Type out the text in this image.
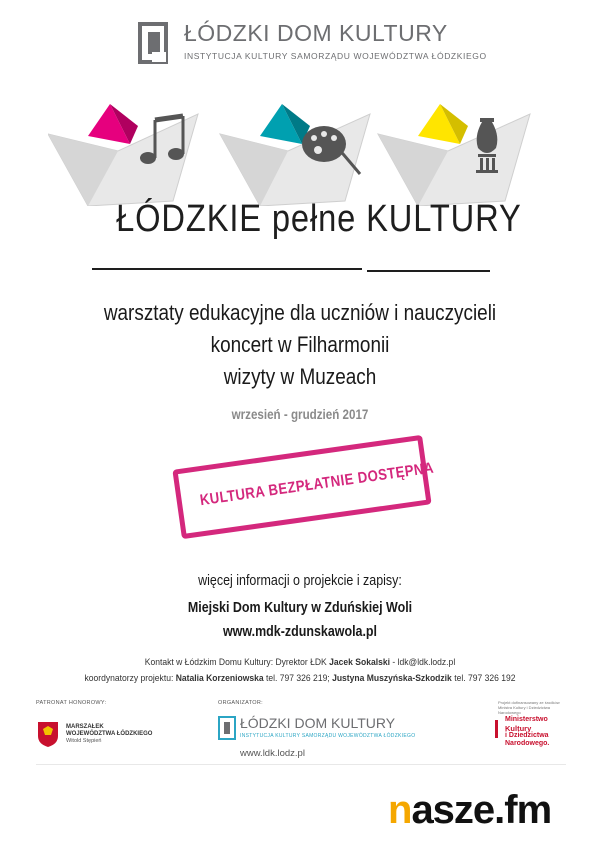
ŁÓDZKI DOM KULTURY
INSTYTUCJA KULTURY SAMORZĄDU WOJEWÓDZTWA ŁÓDZKIEGO
ŁÓDZKIE pełne KULTURY
warsztaty edukacyjne dla uczniów i nauczycieli
koncert w Filharmonii
wizyty w Muzeach
wrzesień - grudzień 2017
KULTURA BEZPŁATNIE DOSTĘPNA
więcej informacji o projekcie i zapisy:
Miejski Dom Kultury w Zduńskiej Woli
www.mdk-zdunskawola.pl
Kontakt w Łódzkim Domu Kultury: Dyrektor ŁDK Jacek Sokalski - ldk@ldk.lodz.pl
koordynatorzy projektu: Natalia Korzeniowska tel. 797 326 219; Justyna Muszyńska-Szkodzik tel. 797 326 192
PATRONAT HONOROWY:
MARSZAŁEK
WOJEWÓDZTWA ŁÓDZKIEGO
Witold Stępień
ORGANIZATOR:
ŁÓDZKI DOM KULTURY
INSTYTUCJA KULTURY SAMORZĄDU WOJEWÓDZTWA ŁÓDZKIEGO
www.ldk.lodz.pl
Projekt dofinansowany ze środków Ministra Kultury i Dziedzictwa Narodowego
Ministerstwo
Kultury
i Dziedzictwa
Narodowego.
nasze.fm
